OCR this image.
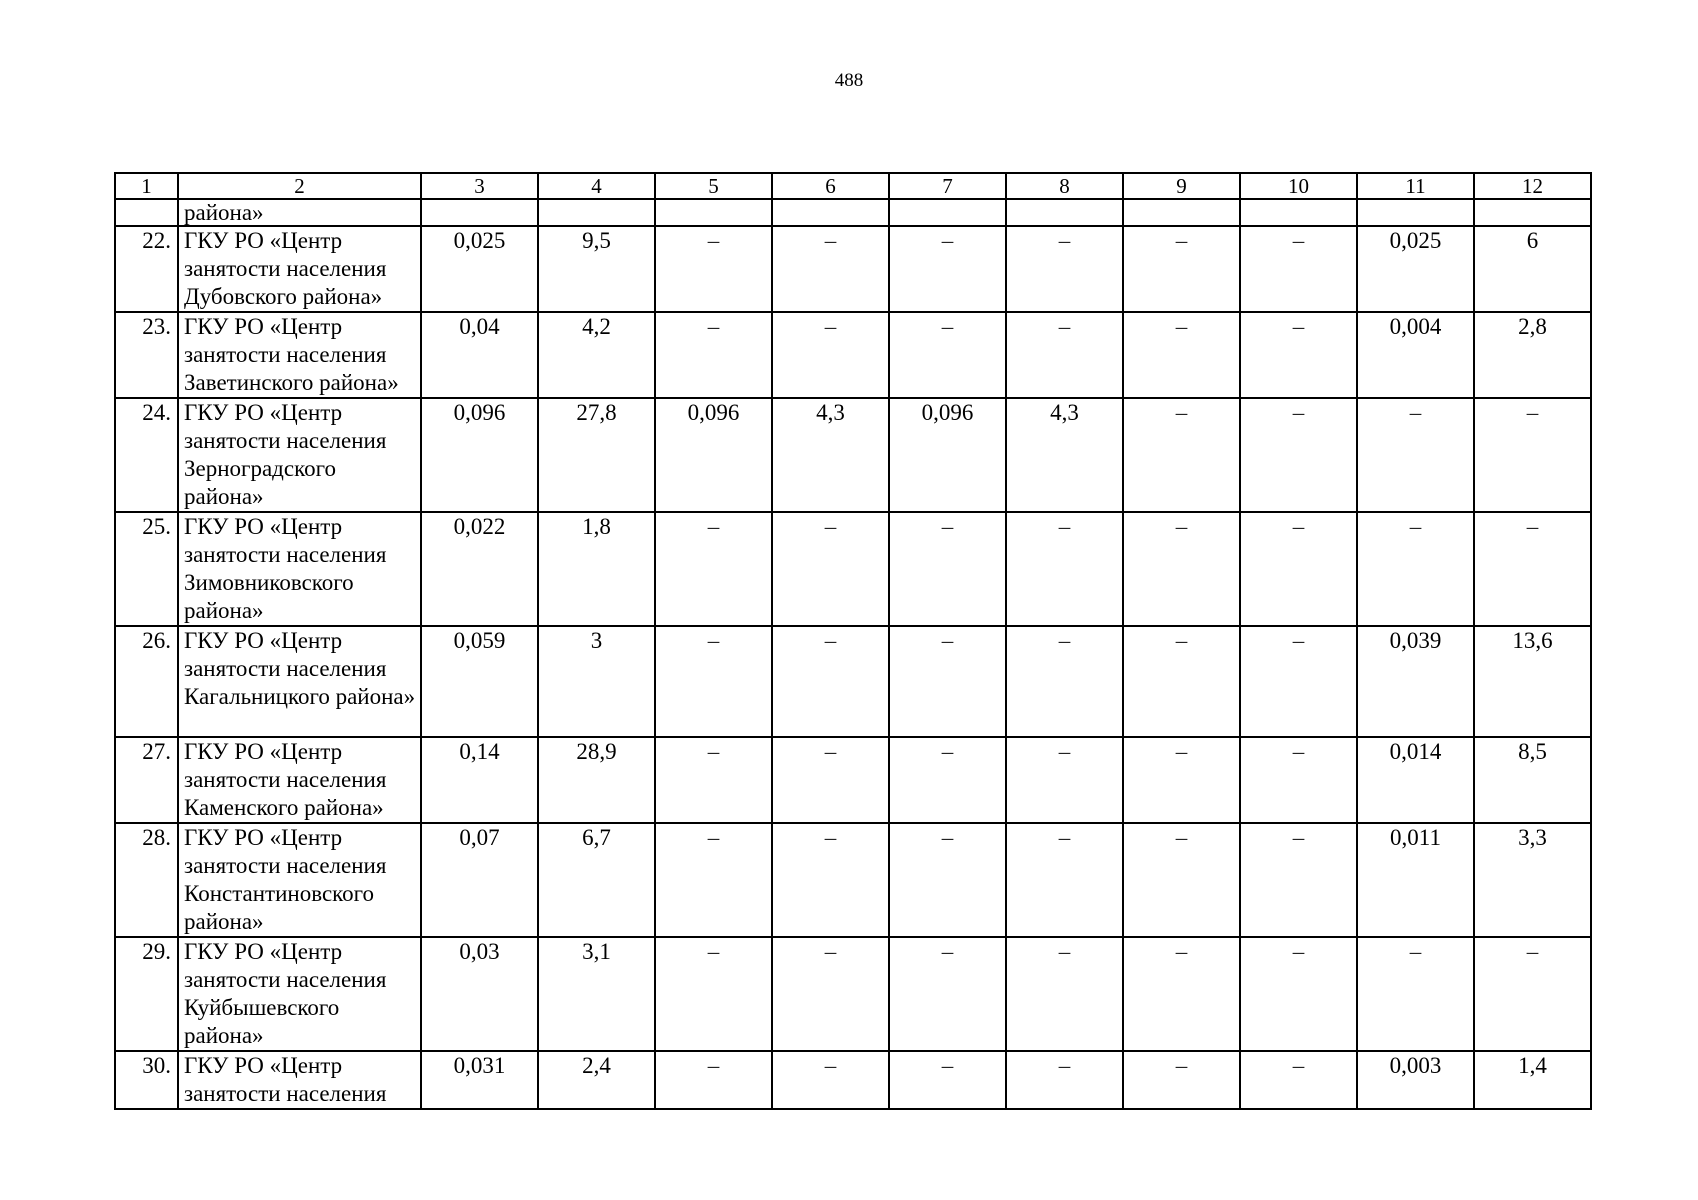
488
1	2	3	4	5	6	7	8	9	10	11	12
	района»										
22.	ГКУ РО «Центр занятости населения Дубовского района»	0,025	9,5	–	–	–	–	–	–	0,025	6
23.	ГКУ РО «Центр занятости населения Заветинского района»	0,04	4,2	–	–	–	–	–	–	0,004	2,8
24.	ГКУ РО «Центр занятости населения Зерноградского района»	0,096	27,8	0,096	4,3	0,096	4,3	–	–	–	–
25.	ГКУ РО «Центр занятости населения Зимовниковского района»	0,022	1,8	–	–	–	–	–	–	–	–
26.	ГКУ РО «Центр занятости населения Кагальницкого района»	0,059	3	–	–	–	–	–	–	0,039	13,6
27.	ГКУ РО «Центр занятости населения Каменского района»	0,14	28,9	–	–	–	–	–	–	0,014	8,5
28.	ГКУ РО «Центр занятости населения Константиновского района»	0,07	6,7	–	–	–	–	–	–	0,011	3,3
29.	ГКУ РО «Центр занятости населения Куйбышевского района»	0,03	3,1	–	–	–	–	–	–	–	–
30.	ГКУ РО «Центр занятости населения	0,031	2,4	–	–	–	–	–	–	0,003	1,4
